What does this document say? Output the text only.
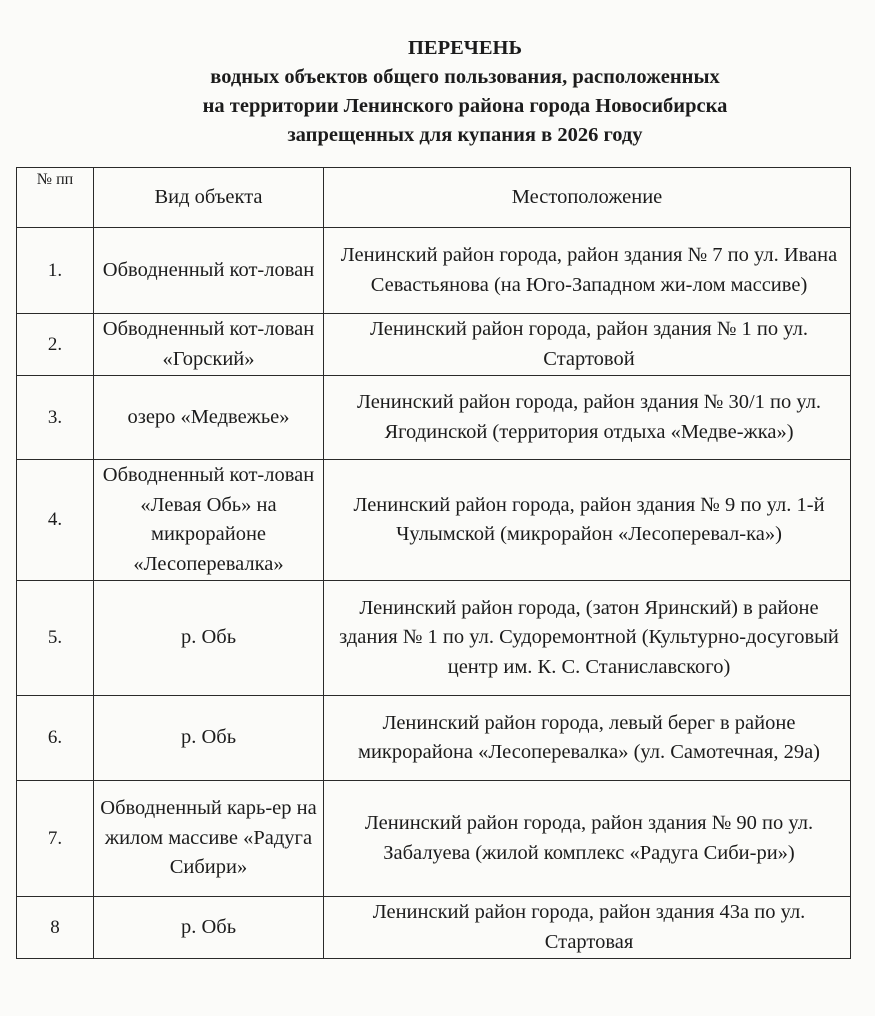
ПЕРЕЧЕНЬ
водных объектов общего пользования, расположенных
на территории Ленинского района города Новосибирска
запрещенных для купания в 2026 году
№ пп	Вид объекта	Местоположение
1.	Обводненный кот-лован	Ленинский район города, район здания № 7 по ул. Ивана Севастьянова (на Юго-Западном жи-лом массиве)
2.	Обводненный кот-лован «Горский»	Ленинский район города, район здания № 1 по ул. Стартовой
3.	озеро «Медвежье»	Ленинский район города, район здания № 30/1 по ул. Ягодинской (территория отдыха «Медве-жка»)
4.	Обводненный кот-лован «Левая Обь» на микрорайоне «Лесоперевалка»	Ленинский район города, район здания № 9 по ул. 1-й Чулымской (микрорайон «Лесоперевал-ка»)
5.	р. Обь	Ленинский район города, (затон Яринский) в районе здания № 1 по ул. Судоремонтной (Культурно-досуговый центр им. К. С. Станиславского)
6.	р. Обь	Ленинский район города, левый берег в районе микрорайона «Лесоперевалка» (ул. Самотечная, 29а)
7.	Обводненный карь-ер на жилом массиве «Радуга Сибири»	Ленинский район города, район здания № 90 по ул. Забалуева (жилой комплекс «Радуга Сиби-ри»)
8	р. Обь	Ленинский район города, район здания 43а по ул. Стартовая
